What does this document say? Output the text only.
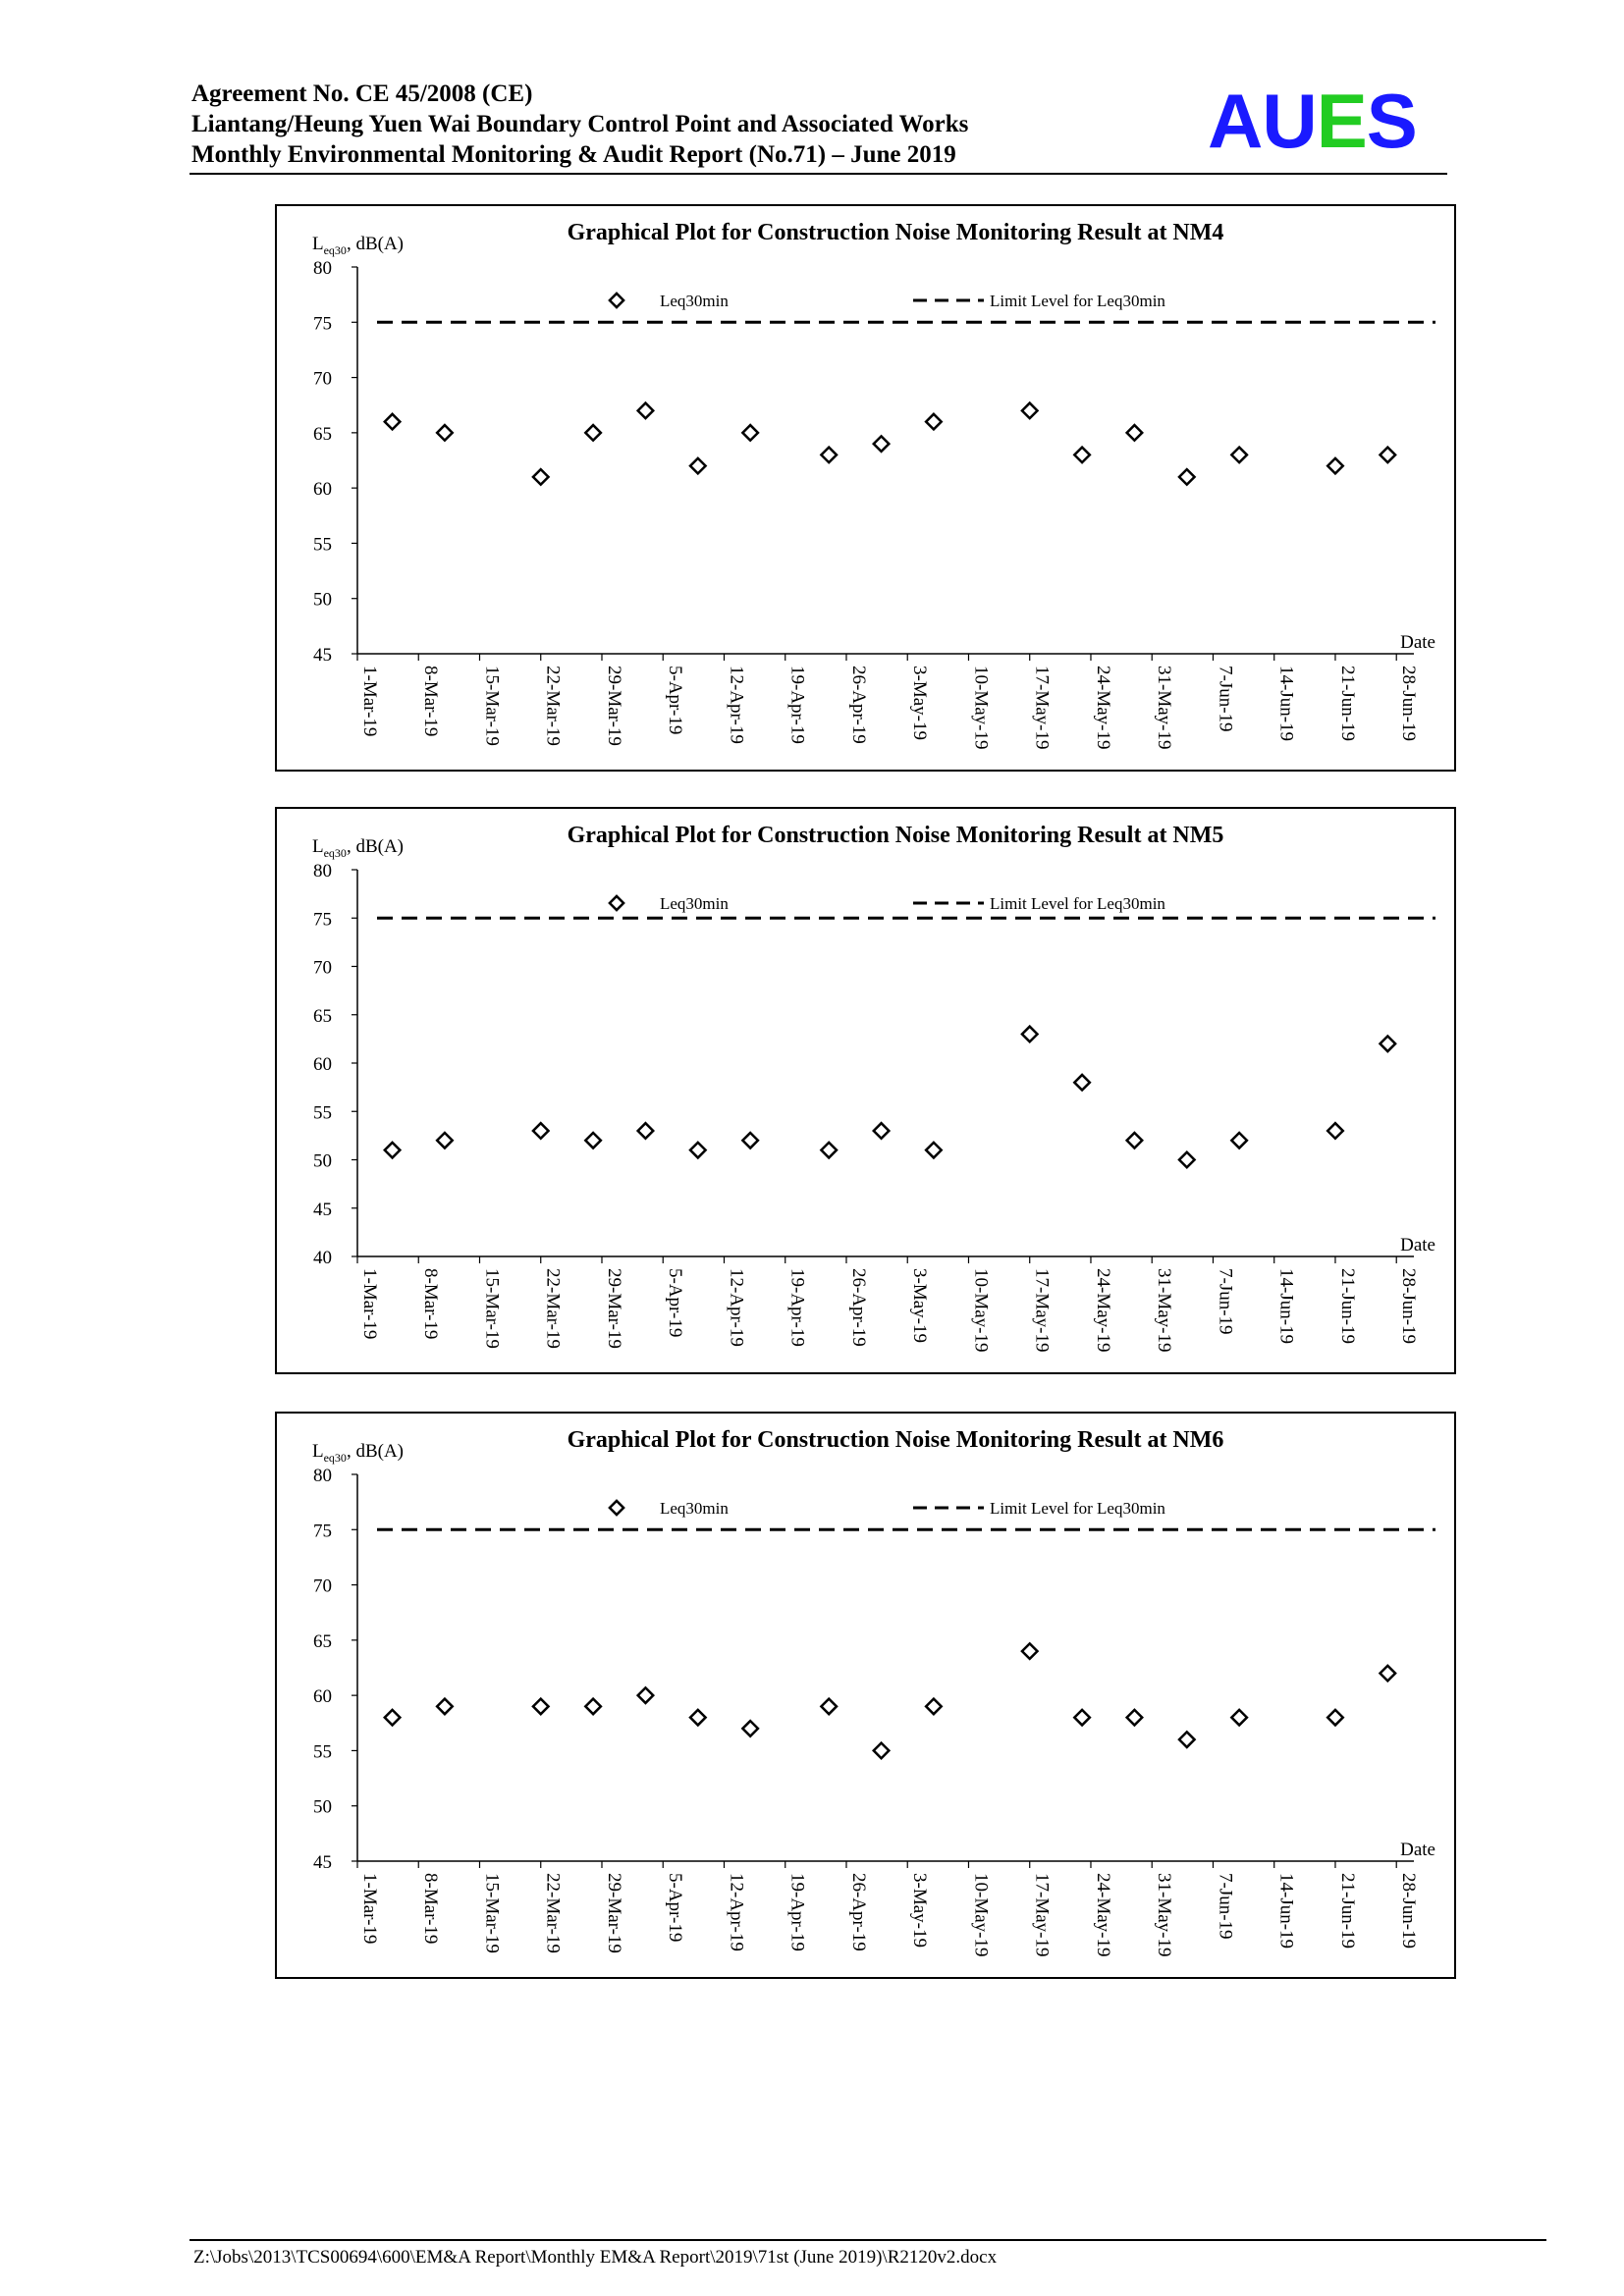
Agreement No. CE 45/2008 (CE)
Liantang/Heung Yuen Wai Boundary Control Point and Associated Works
Monthly Environmental Monitoring & Audit Report (No.71) – June 2019	AUES
Graphical Plot for Construction Noise Monitoring Result at NM4
$L_{eq30}$, dB(A)
45
50
55
60
65
70
75
80
1-Mar-19 8-Mar-19 15-Mar-19 22-Mar-19 29-Mar-19 5-Apr-19 12-Apr-19 19-Apr-19 26-Apr-19 3-May-19 10-May-19 17-May-19 24-May-19 31-May-19 7-Jun-19 14-Jun-19 21-Jun-19 28-Jun-19
Date
Leq30min	Limit Level for Leq30min
Graphical Plot for Construction Noise Monitoring Result at NM5
$L_{eq30}$, dB(A)
40
45
50
55
60
65
70
75
80
1-Mar-19 8-Mar-19 15-Mar-19 22-Mar-19 29-Mar-19 5-Apr-19 12-Apr-19 19-Apr-19 26-Apr-19 3-May-19 10-May-19 17-May-19 24-May-19 31-May-19 7-Jun-19 14-Jun-19 21-Jun-19 28-Jun-19
Date
Leq30min	Limit Level for Leq30min
Graphical Plot for Construction Noise Monitoring Result at NM6
$L_{eq30}$, dB(A)
45
50
55
60
65
70
75
80
1-Mar-19 8-Mar-19 15-Mar-19 22-Mar-19 29-Mar-19 5-Apr-19 12-Apr-19 19-Apr-19 26-Apr-19 3-May-19 10-May-19 17-May-19 24-May-19 31-May-19 7-Jun-19 14-Jun-19 21-Jun-19 28-Jun-19
Date
Leq30min	Limit Level for Leq30min
Z:\Jobs\2013\TCS00694\600\EM&A Report\Monthly EM&A Report\2019\71st (June 2019)\R2120v2.docx
